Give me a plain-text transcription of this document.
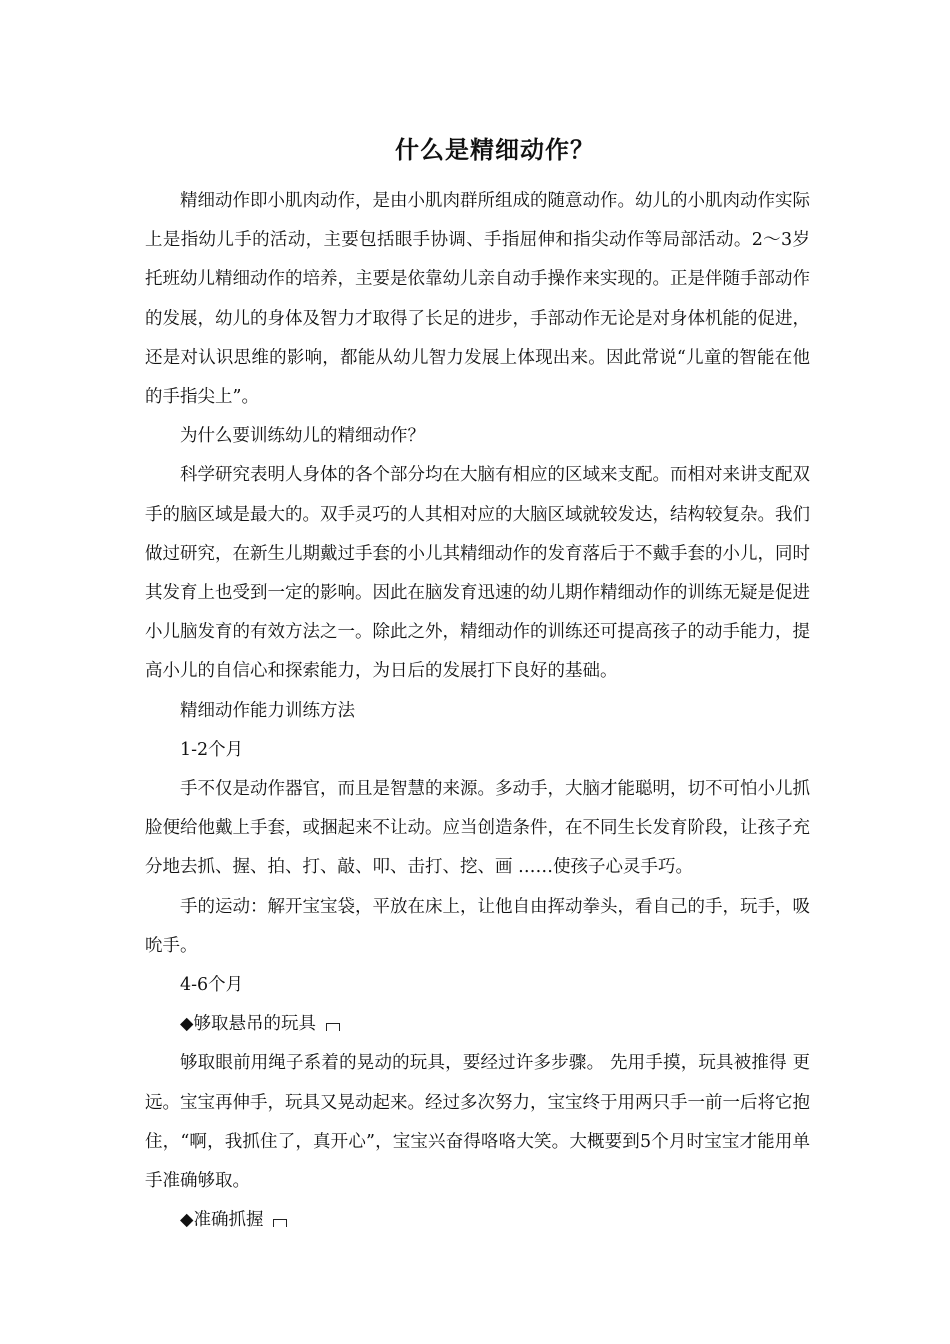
什么是精细动作？

精细动作即小肌肉动作，是由小肌肉群所组成的随意动作。幼儿的小肌肉动作实际上是指幼儿手的活动，主要包括眼手协调、手指屈伸和指尖动作等局部活动。2～3岁托班幼儿精细动作的培养，主要是依靠幼儿亲自动手操作来实现的。正是伴随手部动作的发展，幼儿的身体及智力才取得了长足的进步，手部动作无论是对身体机能的促进，还是对认识思维的影响，都能从幼儿智力发展上体现出来。因此常说“儿童的智能在他的手指尖上”。

为什么要训练幼儿的精细动作？

科学研究表明人身体的各个部分均在大脑有相应的区域来支配。而相对来讲支配双手的脑区域是最大的。双手灵巧的人其相对应的大脑区域就较发达，结构较复杂。我们做过研究，在新生儿期戴过手套的小儿其精细动作的发育落后于不戴手套的小儿，同时其发育上也受到一定的影响。因此在脑发育迅速的幼儿期作精细动作的训练无疑是促进小儿脑发育的有效方法之一。除此之外，精细动作的训练还可提高孩子的动手能力，提高小儿的自信心和探索能力，为日后的发展打下良好的基础。

精细动作能力训练方法

1-2个月

手不仅是动作器官，而且是智慧的来源。多动手，大脑才能聪明，切不可怕小儿抓脸便给他戴上手套，或捆起来不让动。应当创造条件，在不同生长发育阶段，让孩子充分地去抓、握、拍、打、敲、叩、击打、挖、画 ……使孩子心灵手巧。

手的运动：解开宝宝袋，平放在床上，让他自由挥动拳头，看自己的手，玩手，吸吮手。

4-6个月

◆够取悬吊的玩具

够取眼前用绳子系着的晃动的玩具，要经过许多步骤。 先用手摸，玩具被推得 更远。宝宝再伸手，玩具又晃动起来。经过多次努力，宝宝终于用两只手一前一后将它抱住，“啊，我抓住了，真开心”，宝宝兴奋得咯咯大笑。大概要到5个月时宝宝才能用单手准确够取。

◆准确抓握
